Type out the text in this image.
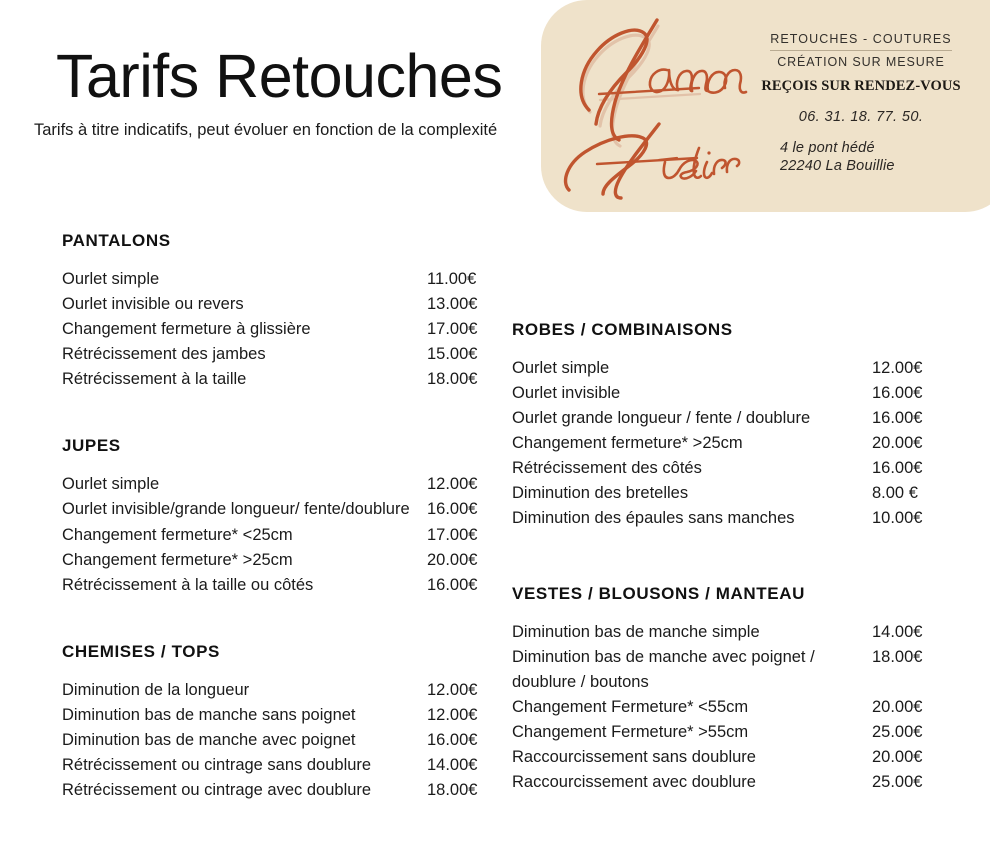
Tarifs Retouches

Tarifs à titre indicatifs, peut évoluer en fonction de la complexité

RETOUCHES - COUTURES
CRÉATION SUR MESURE
REÇOIS SUR RENDEZ-VOUS
06. 31. 18. 77. 50.
4 le pont hédé
22240 La Bouillie
PANTALONS
Ourlet simple	11.00€
Ourlet invisible ou revers	13.00€
Changement fermeture à glissière	17.00€
Rétrécissement des jambes	15.00€
Rétrécissement à la taille	18.00€
JUPES
Ourlet simple	12.00€
Ourlet invisible/grande longueur/ fente/doublure	16.00€
Changement fermeture* <25cm	17.00€
Changement fermeture* >25cm	20.00€
Rétrécissement à la taille ou côtés	16.00€
CHEMISES / TOPS
Diminution de la longueur	12.00€
Diminution bas de manche sans poignet	12.00€
Diminution bas de manche avec poignet	16.00€
Rétrécissement ou cintrage sans doublure	14.00€
Rétrécissement ou cintrage avec doublure	18.00€
ROBES / COMBINAISONS
Ourlet simple	12.00€
Ourlet invisible	16.00€
Ourlet grande longueur / fente / doublure	16.00€
Changement fermeture* >25cm	20.00€
Rétrécissement des côtés	16.00€
Diminution des bretelles	8.00 €
Diminution des épaules sans manches	10.00€
VESTES / BLOUSONS / MANTEAU
Diminution bas de manche simple	14.00€
Diminution bas de manche avec poignet / doublure / boutons
18.00€
Changement Fermeture* <55cm	20.00€
Changement Fermeture* >55cm	25.00€
Raccourcissement sans doublure	20.00€
Raccourcissement avec doublure	25.00€
